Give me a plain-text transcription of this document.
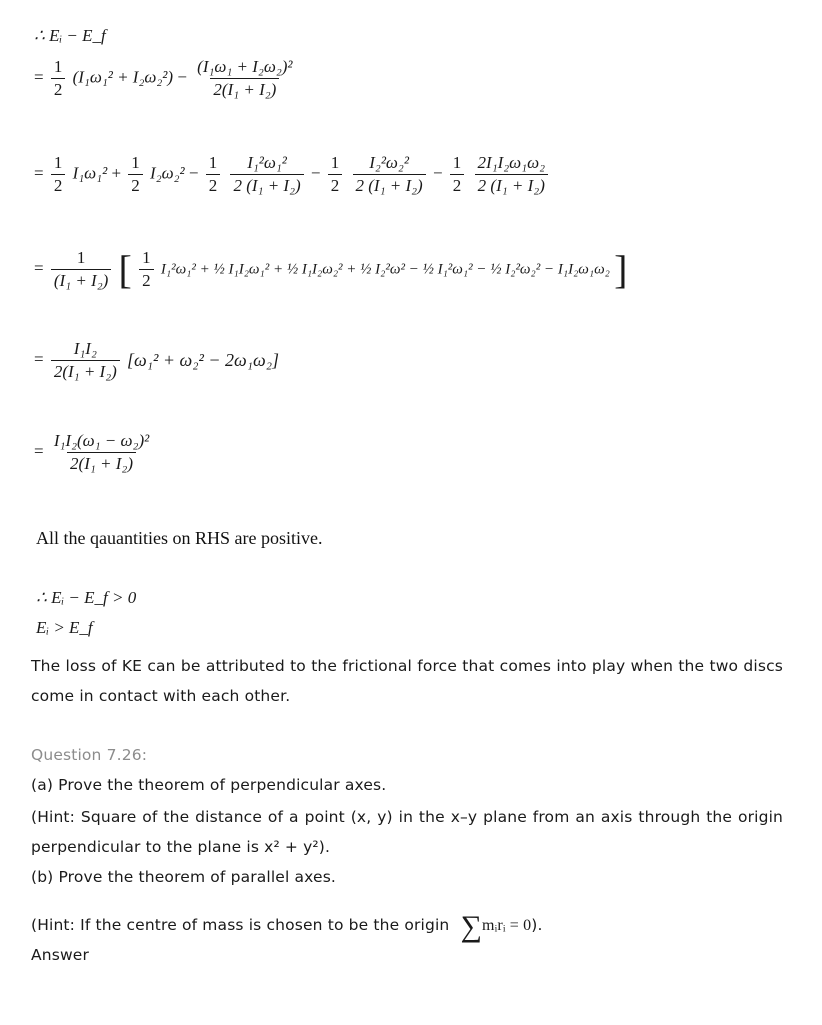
∴ Eᵢ − E_f
= $\frac{1}{2} (I_1\omega_1^2 + I_2\omega_2^2) - \frac{\text{(I₁ω₁ + I₂ω₂)²}}{\text{2(I₁ + I₂)}}$
= $\frac{1}{2} I_1\omega_1^2 + \frac{1}{2} I_2\omega_2^2 - \frac{1}{2}$
$\frac{\text{I₁²ω₁²}}{\text{2 (I₁ + I₂)}} - \frac{1}{2}$
$\frac{\text{I₂²ω₂²}}{\text{2 (I₁ + I₂)}} - \frac{1}{2}$
$\frac{\text{2I₁I₂ω₁ω₂}}{\text{2 (I₁ + I₂)}}$
= $\frac{1}{\text{(I₁ + I₂)}}$ [ $\frac{1}{2} I_1^2\omega_1^2$ + ½ I₁I₂ω₁² + ½ I₁I₂ω₂² + ½ I₂²ω² − ½ I₁²ω₁² − ½ I₂²ω₂² − I₁I₂ω₁ω₂ ]
= $\frac{\text{I₁I₂}}{\text{2(I₁ + I₂)}} [\omega_1^2 + \omega_2^2 - 2\omega_1\omega_2]$
= $\frac{\text{I₁I₂(ω₁ − ω₂)²}}{\text{2(I₁ + I₂)}}$
All the qauantities on RHS are positive.
∴ Eᵢ − E_f > 0
Eᵢ > E_f
The loss of KE can be attributed to the frictional force that comes into play when the two discs come in contact with each other.
Question 7.26:
(a) Prove the theorem of perpendicular axes.
(Hint: Square of the distance of a point (x, y) in the x–y plane from an axis through the origin perpendicular to the plane is x² + y²).
(b) Prove the theorem of parallel axes.
(Hint: If the centre of mass is chosen to be the origin ∑mᵢrᵢ = 0).
Answer
